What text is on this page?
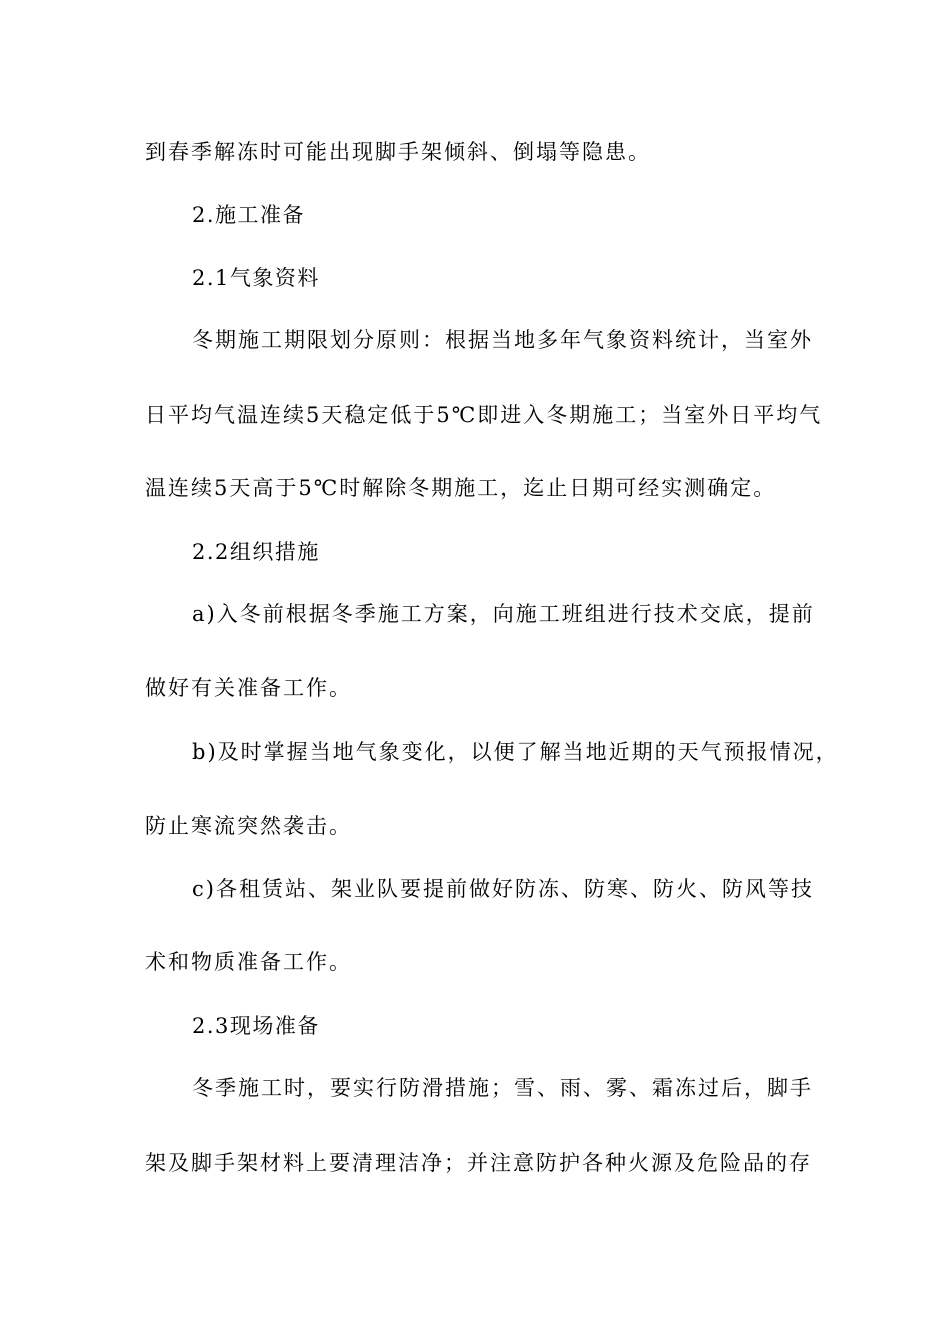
到春季解冻时可能出现脚手架倾斜、倒塌等隐患。
2.施工准备
2.1气象资料
冬期施工期限划分原则：根据当地多年气象资料统计，当室外
日平均气温连续5天稳定低于5℃即进入冬期施工；当室外日平均气
温连续5天高于5℃时解除冬期施工，迄止日期可经实测确定。
2.2组织措施
a)入冬前根据冬季施工方案，向施工班组进行技术交底，提前
做好有关准备工作。
b)及时掌握当地气象变化，以便了解当地近期的天气预报情况，
防止寒流突然袭击。
c)各租赁站、架业队要提前做好防冻、防寒、防火、防风等技
术和物质准备工作。
2.3现场准备
冬季施工时，要实行防滑措施；雪、雨、雾、霜冻过后，脚手
架及脚手架材料上要清理洁净；并注意防护各种火源及危险品的存
